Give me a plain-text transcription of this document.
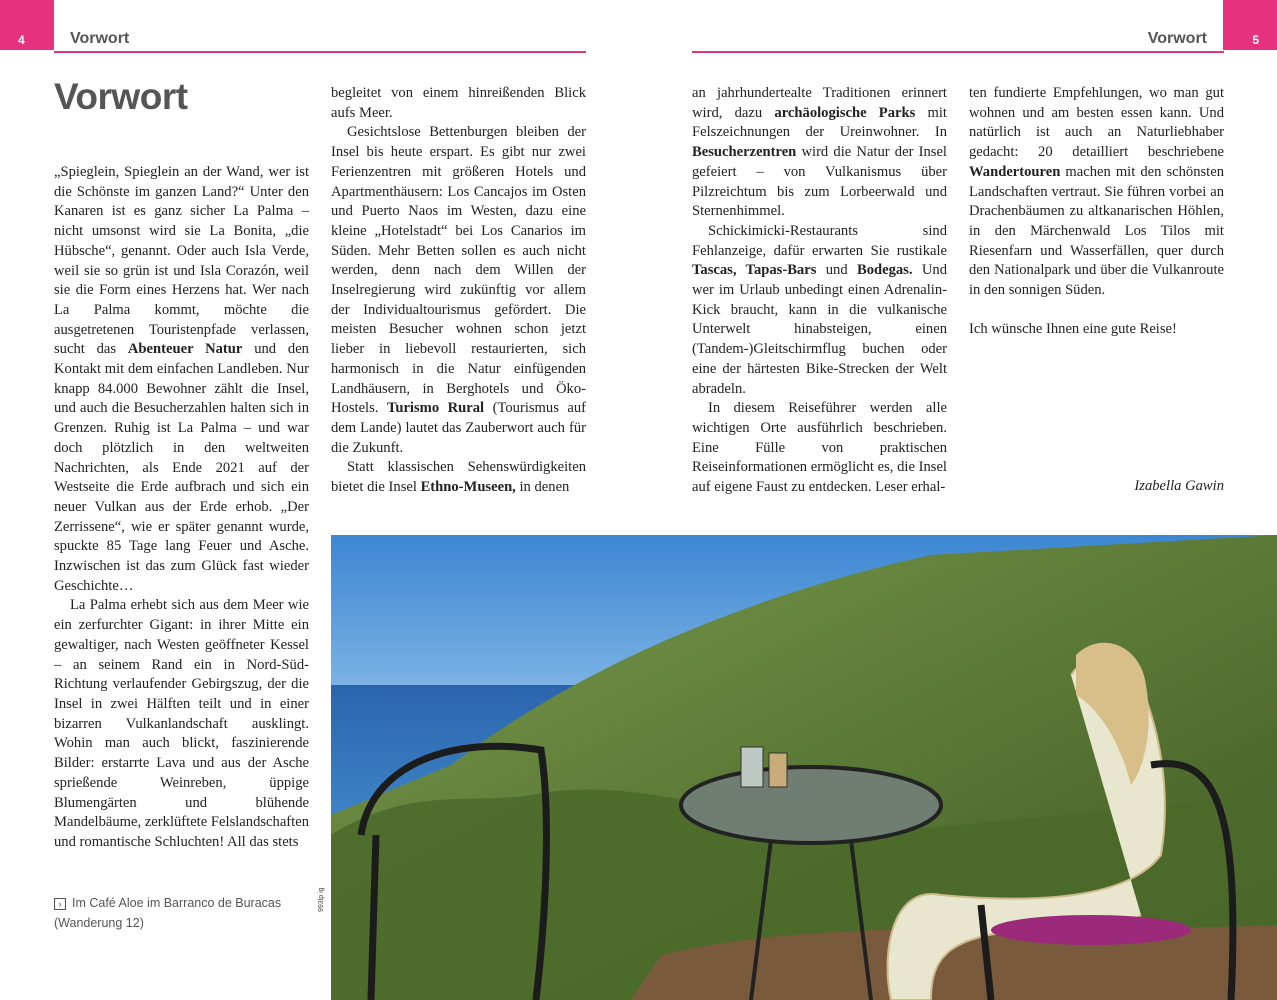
4	Vorwort	5
Vorwort
Vorwort

„Spieglein, Spieglein an der Wand, wer ist die Schönste im ganzen Land?“ Unter den Kanaren ist es ganz sicher La Palma – nicht umsonst wird sie La Bonita, „die Hübsche“, genannt. Oder auch Isla Verde, weil sie so grün ist und Isla Corazón, weil sie die Form eines Herzens hat. Wer nach La Palma kommt, möchte die ausgetretenen Touristenpfade verlassen, sucht das Abenteuer Natur und den Kontakt mit dem einfachen Landleben. Nur knapp 84.000 Bewohner zählt die Insel, und auch die Besucherzahlen halten sich in Grenzen. Ruhig ist La Palma – und war doch plötzlich in den weltweiten Nachrichten, als Ende 2021 auf der Westseite die Erde aufbrach und sich ein neuer Vulkan aus der Erde erhob. „Der Zerrissene“, wie er später genannt wurde, spuckte 85 Tage lang Feuer und Asche. Inzwischen ist das zum Glück fast wieder Geschichte…

La Palma erhebt sich aus dem Meer wie ein zerfurchter Gigant: in ihrer Mitte ein gewaltiger, nach Westen geöffneter Kessel – an seinem Rand ein in Nord-Süd-Richtung verlaufender Gebirgszug, der die Insel in zwei Hälften teilt und in einer bizarren Vulkanlandschaft ausklingt. Wohin man auch blickt, faszinierende Bilder: erstarrte Lava und aus der Asche sprießende Weinreben, üppige Blumengärten und blühende Mandelbäume, zerklüftete Felslandschaften und romantische Schluchten! All das stets

begleitet von einem hinreißenden Blick aufs Meer.

Gesichtslose Bettenburgen bleiben der Insel bis heute erspart. Es gibt nur zwei Ferienzentren mit größeren Hotels und Apartmenthäusern: Los Cancajos im Osten und Puerto Naos im Westen, dazu eine kleine „Hotelstadt“ bei Los Canarios im Süden. Mehr Betten sollen es auch nicht werden, denn nach dem Willen der Inselregierung wird zukünftig vor allem der Individualtourismus gefördert. Die meisten Besucher wohnen schon jetzt lieber in liebevoll restaurierten, sich harmonisch in die Natur einfügenden Landhäusern, in Berghotels und Öko-Hostels. Turismo Rural (Tourismus auf dem Lande) lautet das Zauberwort auch für die Zukunft.

Statt klassischen Sehenswürdigkeiten bietet die Insel Ethno-Museen, in denen

an jahrhundertealte Traditionen erinnert wird, dazu archäologische Parks mit Felszeichnungen der Ureinwohner. In Besucherzentren wird die Natur der Insel gefeiert – von Vulkanismus über Pilzreichtum bis zum Lorbeerwald und Sternenhimmel.

Schickimicki-Restaurants sind Fehlanzeige, dafür erwarten Sie rustikale Tascas, Tapas-Bars und Bodegas. Und wer im Urlaub unbedingt einen Adrenalin-Kick braucht, kann in die vulkanische Unterwelt hinabsteigen, einen (Tandem-)Gleitschirmflug buchen oder eine der härtesten Bike-Strecken der Welt abradeln.

In diesem Reiseführer werden alle wichtigen Orte ausführlich beschrieben. Eine Fülle von praktischen Reiseinformationen ermöglicht es, die Insel auf eigene Faust zu entdecken. Leser erhal-

ten fundierte Empfehlungen, wo man gut wohnen und am besten essen kann. Und natürlich ist auch an Naturliebhaber gedacht: 20 detailliert beschriebene Wandertouren machen mit den schönsten Landschaften vertraut. Sie führen vorbei an Drachenbäumen zu altkanarischen Höhlen, in den Märchenwald Los Tilos mit Riesenfarn und Wasserfällen, quer durch den Nationalpark und über die Vulkanroute in den sonnigen Süden.

Ich wünsche Ihnen eine gute Reise!

Izabella Gawin
› Im Café Aloe im Barranco de Buracas
(Wanderung 12)
993lp ig
